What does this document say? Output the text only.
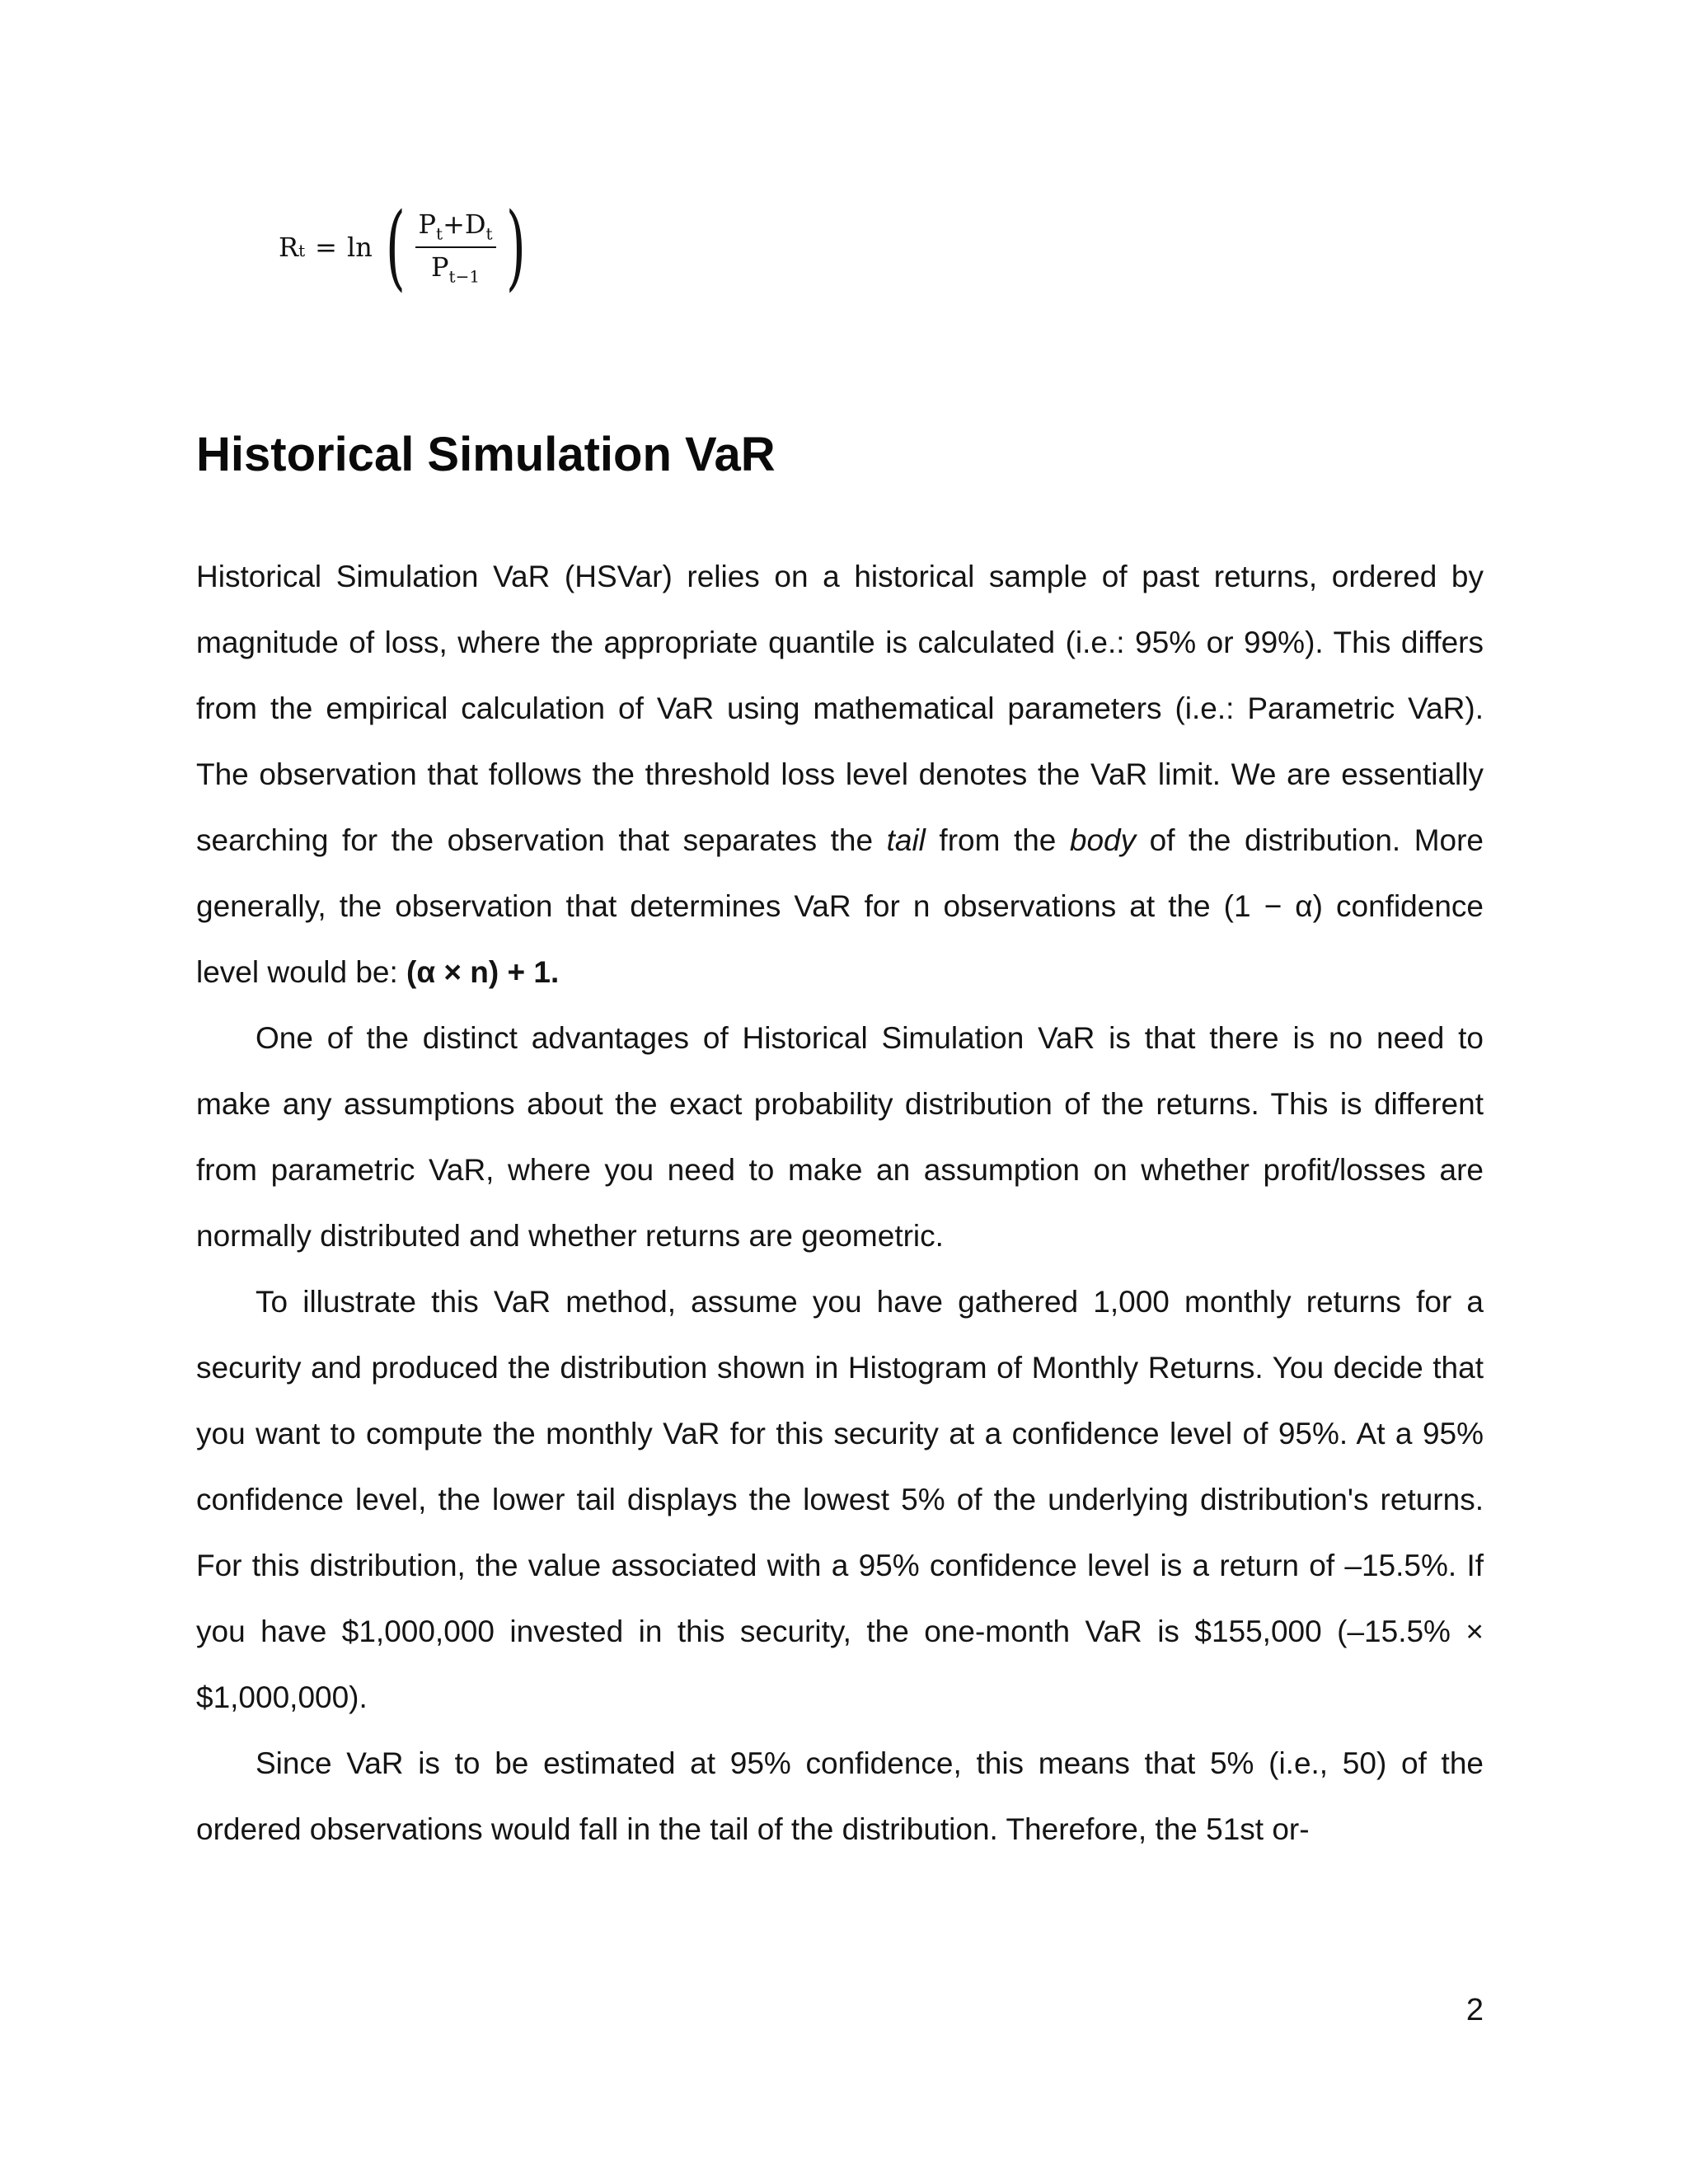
R t = ln ( $\frac{P_t+D_t}{P_{t-1}}$ )
Historical Simulation VaR

Historical Simulation VaR (HSVar) relies on a historical sample of past returns, ordered by magnitude of loss, where the appropriate quantile is calculated (i.e.: 95% or 99%). This differs from the empirical calculation of VaR using mathematical parameters (i.e.: Parametric VaR). The observation that follows the threshold loss level denotes the VaR limit. We are essentially searching for the observation that separates the tail from the body of the distribution. More generally, the observation that determines VaR for n observations at the (1 − α) confidence level would be: (α × n) + 1.

One of the distinct advantages of Historical Simulation VaR is that there is no need to make any assumptions about the exact probability distribution of the returns. This is different from parametric VaR, where you need to make an assumption on whether profit/losses are normally distributed and whether returns are geometric.

To illustrate this VaR method, assume you have gathered 1,000 monthly returns for a security and produced the distribution shown in Histogram of Monthly Returns. You decide that you want to compute the monthly VaR for this security at a confidence level of 95%. At a 95% confidence level, the lower tail displays the lowest 5% of the underlying distribution's returns. For this distribution, the value associated with a 95% confidence level is a return of –15.5%. If you have $1,000,000 invested in this security, the one-month VaR is $155,000 (–15.5% × $1,000,000).

Since VaR is to be estimated at 95% confidence, this means that 5% (i.e., 50) of the ordered observations would fall in the tail of the distribution. Therefore, the 51st or-

2
